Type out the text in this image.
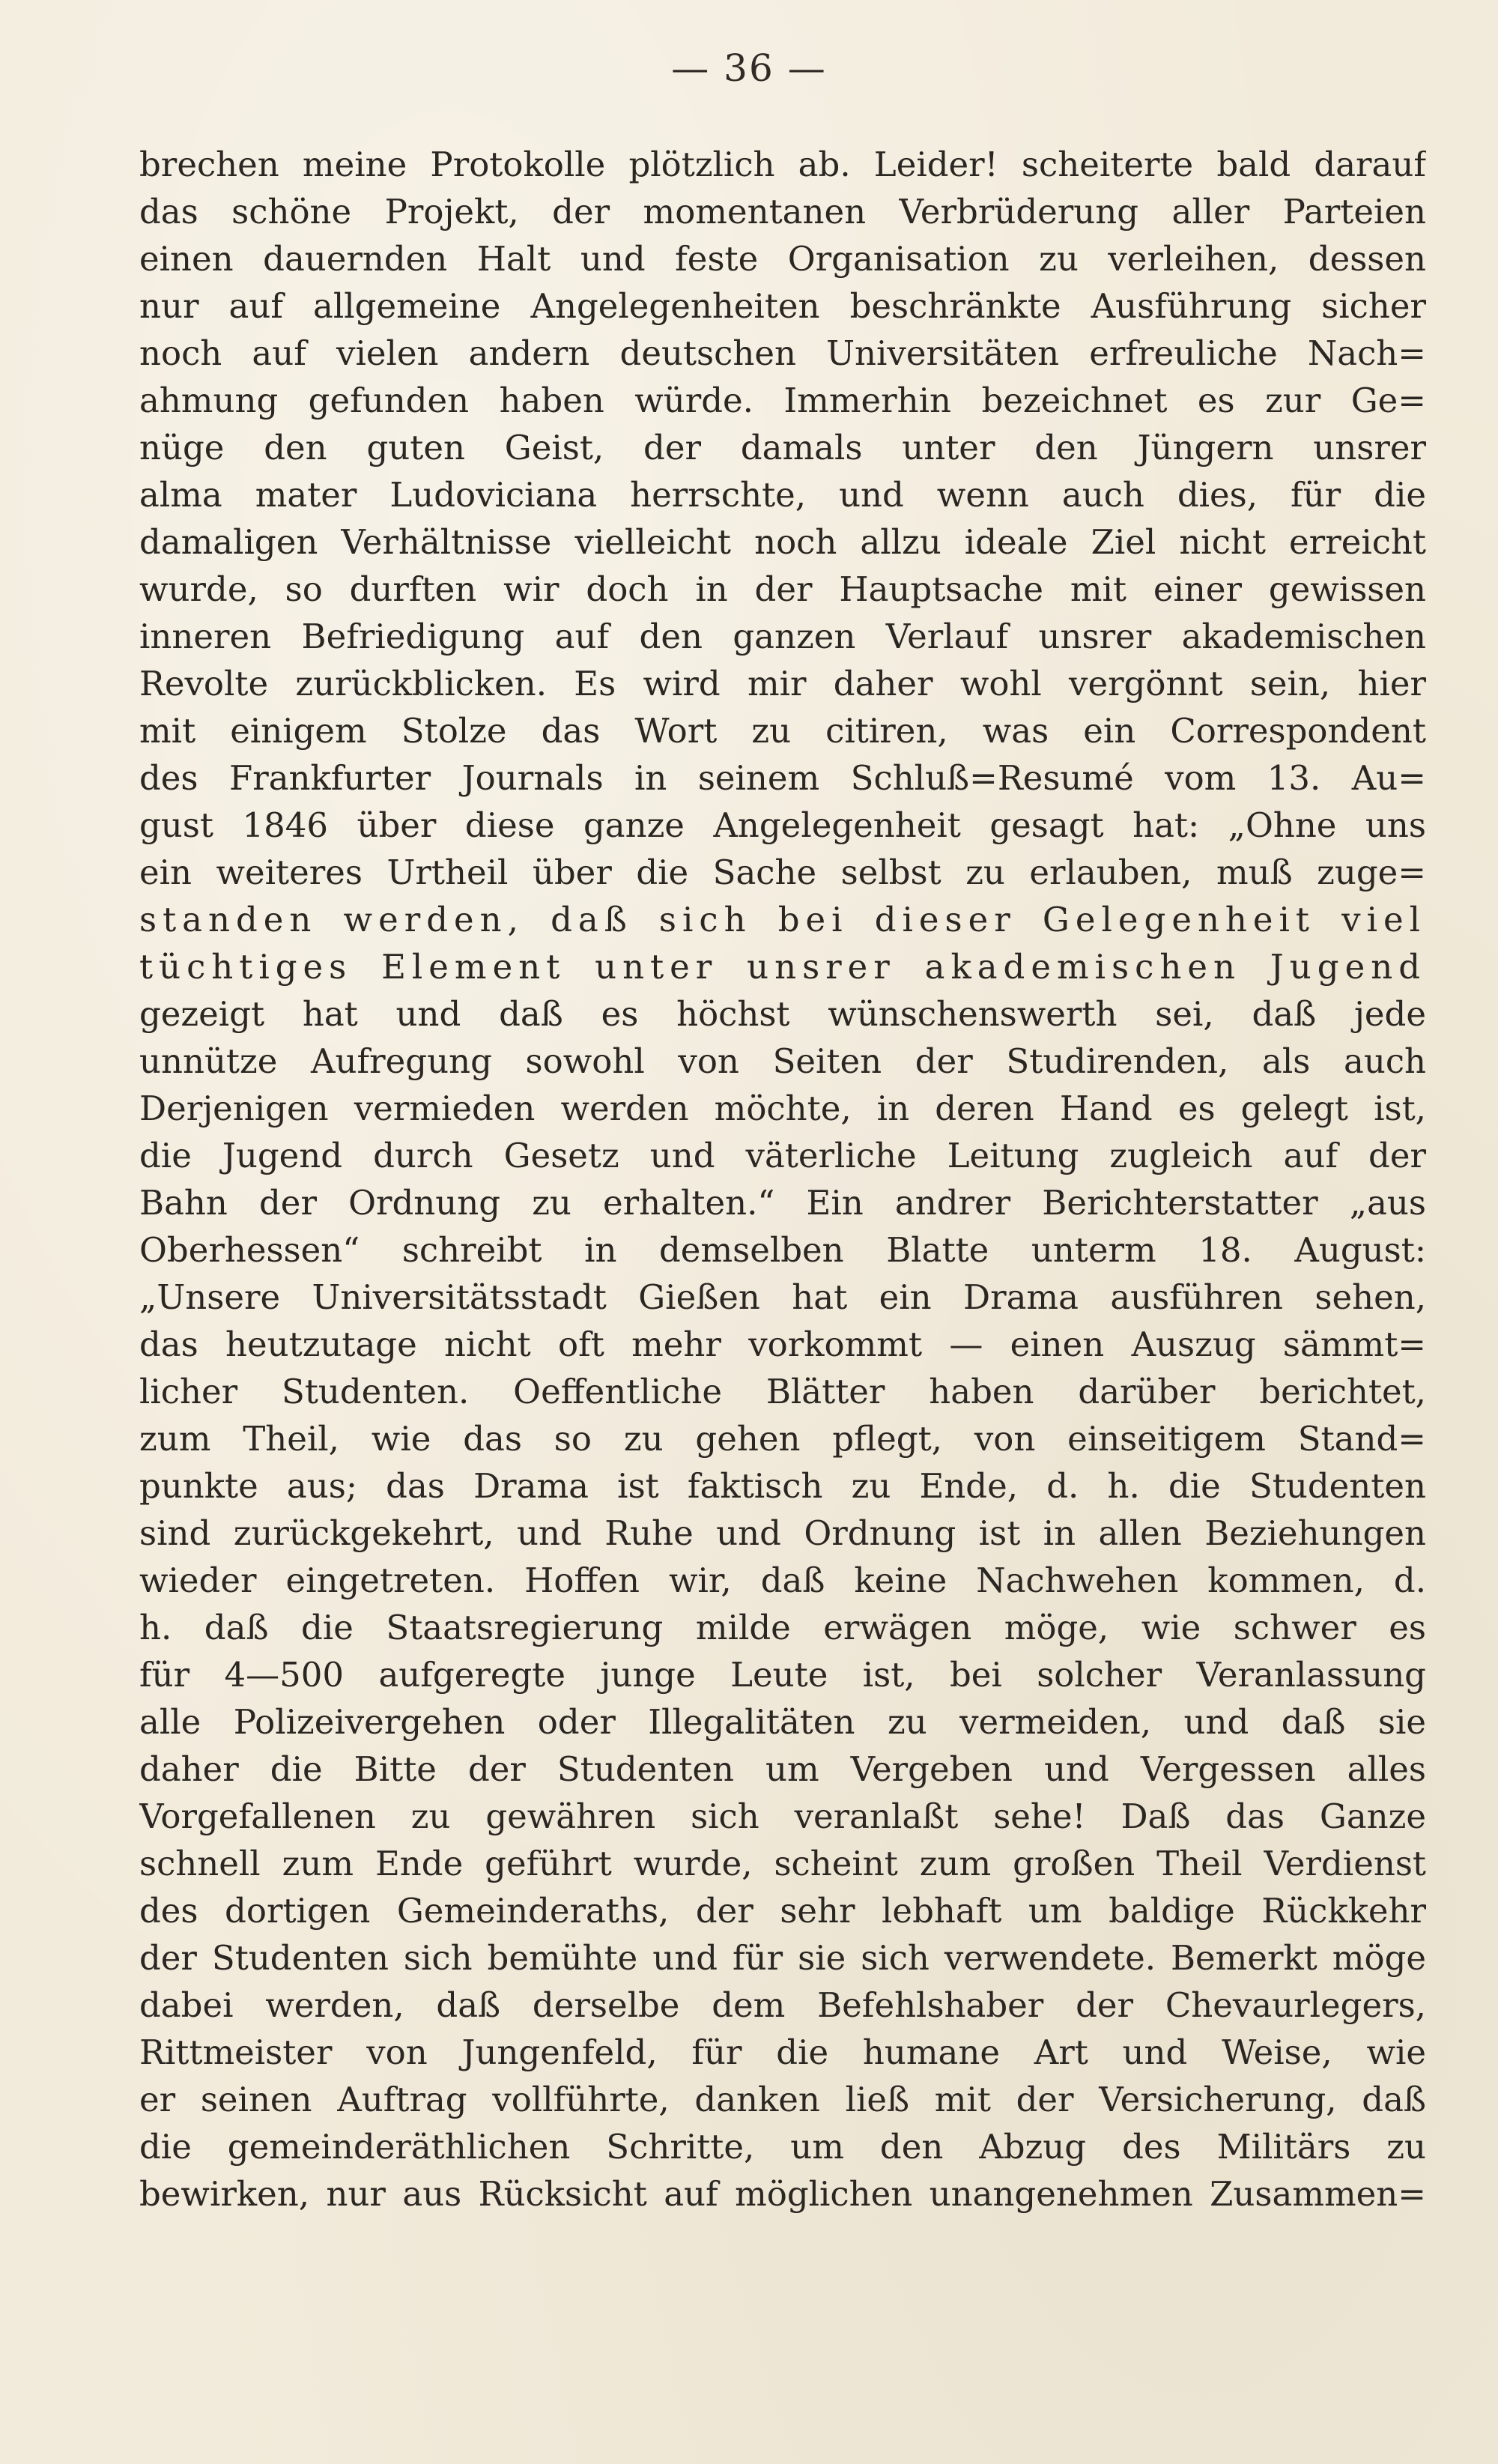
— 36 —
brechen meine Protokolle plötzlich ab. Leider! scheiterte bald darauf
das schöne Projekt, der momentanen Verbrüderung aller Parteien
einen dauernden Halt und feste Organisation zu verleihen, dessen
nur auf allgemeine Angelegenheiten beschränkte Ausführung sicher
noch auf vielen andern deutschen Universitäten erfreuliche Nach=
ahmung gefunden haben würde. Immerhin bezeichnet es zur Ge=
nüge den guten Geist, der damals unter den Jüngern unsrer
alma mater Ludoviciana herrschte, und wenn auch dies, für die
damaligen Verhältnisse vielleicht noch allzu ideale Ziel nicht erreicht
wurde, so durften wir doch in der Hauptsache mit einer gewissen
inneren Befriedigung auf den ganzen Verlauf unsrer akademischen
Revolte zurückblicken. Es wird mir daher wohl vergönnt sein, hier
mit einigem Stolze das Wort zu citiren, was ein Correspondent
des Frankfurter Journals in seinem Schluß=Resumé vom 13. Au=
gust 1846 über diese ganze Angelegenheit gesagt hat: „Ohne uns
ein weiteres Urtheil über die Sache selbst zu erlauben, muß zuge=
standen werden, daß sich bei dieser Gelegenheit viel
tüchtiges Element unter unsrer akademischen Jugend
gezeigt hat und daß es höchst wünschenswerth sei, daß jede
unnütze Aufregung sowohl von Seiten der Studirenden, als auch
Derjenigen vermieden werden möchte, in deren Hand es gelegt ist,
die Jugend durch Gesetz und väterliche Leitung zugleich auf der
Bahn der Ordnung zu erhalten.“ Ein andrer Berichterstatter „aus
Oberhessen“ schreibt in demselben Blatte unterm 18. August:
„Unsere Universitätsstadt Gießen hat ein Drama ausführen sehen,
das heutzutage nicht oft mehr vorkommt — einen Auszug sämmt=
licher Studenten. Oeffentliche Blätter haben darüber berichtet,
zum Theil, wie das so zu gehen pflegt, von einseitigem Stand=
punkte aus; das Drama ist faktisch zu Ende, d. h. die Studenten
sind zurückgekehrt, und Ruhe und Ordnung ist in allen Beziehungen
wieder eingetreten. Hoffen wir, daß keine Nachwehen kommen, d.
h. daß die Staatsregierung milde erwägen möge, wie schwer es
für 4—500 aufgeregte junge Leute ist, bei solcher Veranlassung
alle Polizeivergehen oder Illegalitäten zu vermeiden, und daß sie
daher die Bitte der Studenten um Vergeben und Vergessen alles
Vorgefallenen zu gewähren sich veranlaßt sehe! Daß das Ganze
schnell zum Ende geführt wurde, scheint zum großen Theil Verdienst
des dortigen Gemeinderaths, der sehr lebhaft um baldige Rückkehr
der Studenten sich bemühte und für sie sich verwendete. Bemerkt möge
dabei werden, daß derselbe dem Befehlshaber der Chevaurlegers,
Rittmeister von Jungenfeld, für die humane Art und Weise, wie
er seinen Auftrag vollführte, danken ließ mit der Versicherung, daß
die gemeinderäthlichen Schritte, um den Abzug des Militärs zu
bewirken, nur aus Rücksicht auf möglichen unangenehmen Zusammen=
